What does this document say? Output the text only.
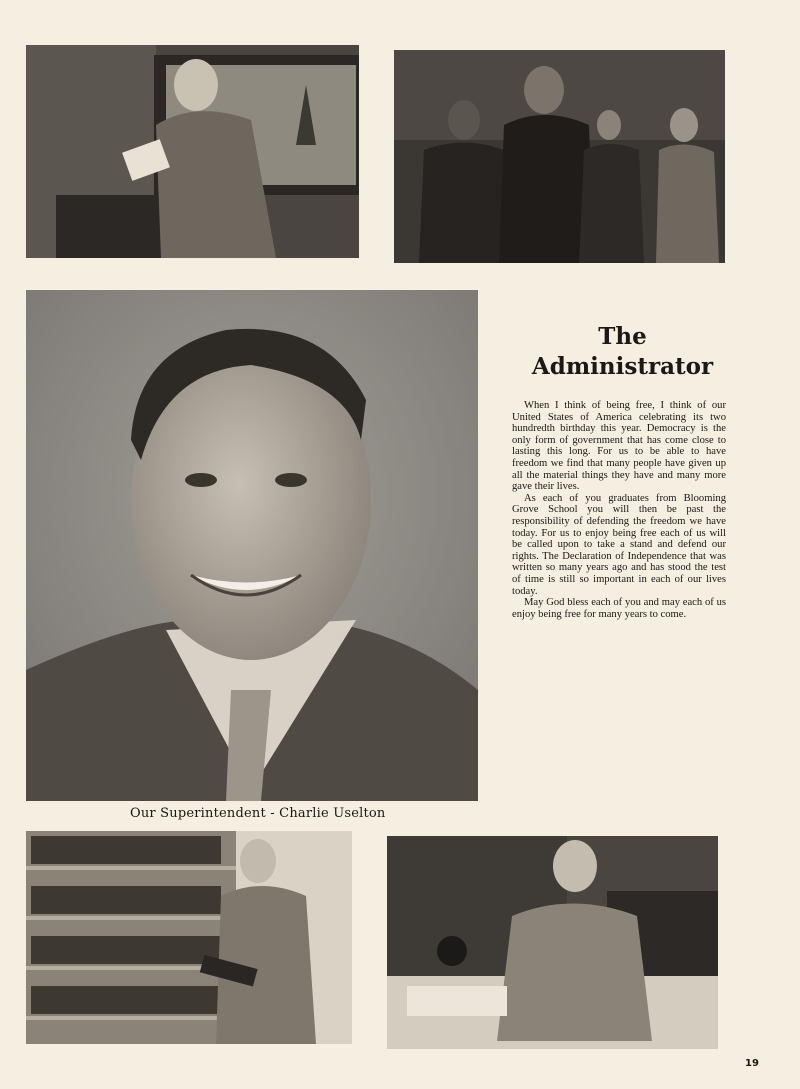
Our Superintendent - Charlie Uselton
The
Administrator

When I think of being free, I think of our United States of America celebrating its two hundredth birthday this year. Democracy is the only form of government that has come close to lasting this long. For us to be able to have freedom we find that many people have given up all the material things they have and many more gave their lives.

As each of you graduates from Blooming Grove School you will then be past the responsibility of defending the freedom we have today. For us to enjoy being free each of us will be called upon to take a stand and defend our rights. The Declaration of Independence that was written so many years ago and has stood the test of time is still so important in each of our lives today.

May God bless each of you and may each of us enjoy being free for many years to come.

19
